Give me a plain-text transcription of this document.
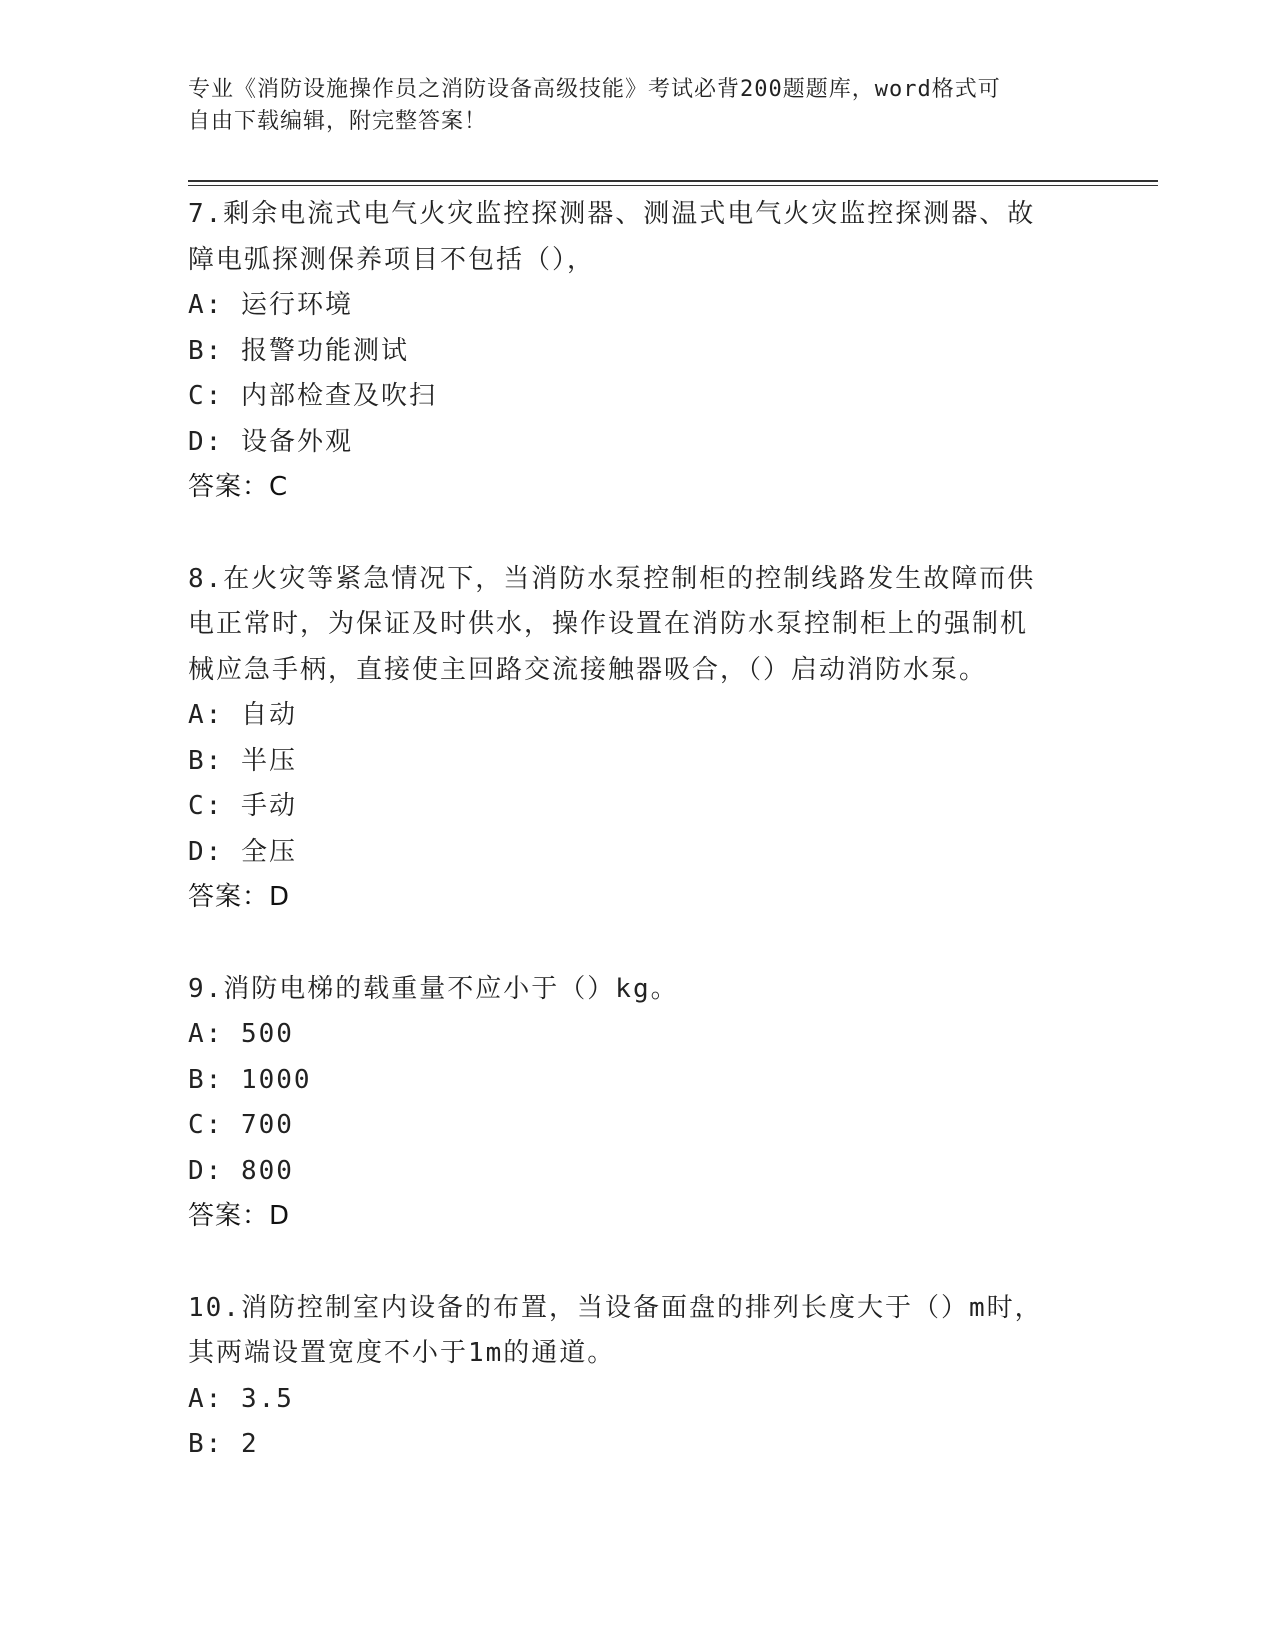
专业《消防设施操作员之消防设备高级技能》考试必背200题题库，word格式可
自由下载编辑，附完整答案！

7.剩余电流式电气火灾监控探测器、测温式电气火灾监控探测器、故

障电弧探测保养项目不包括（），

A: 运行环境

B: 报警功能测试

C: 内部检查及吹扫

D: 设备外观

答案：C

8.在火灾等紧急情况下，当消防水泵控制柜的控制线路发生故障而供

电正常时，为保证及时供水，操作设置在消防水泵控制柜上的强制机

械应急手柄，直接使主回路交流接触器吸合，（）启动消防水泵。

A: 自动

B: 半压

C: 手动

D: 全压

答案：D

9.消防电梯的载重量不应小于（）kg。

A: 500

B: 1000

C: 700

D: 800

答案：D

10.消防控制室内设备的布置，当设备面盘的排列长度大于（）m时，

其两端设置宽度不小于1m的通道。

A: 3.5

B: 2
